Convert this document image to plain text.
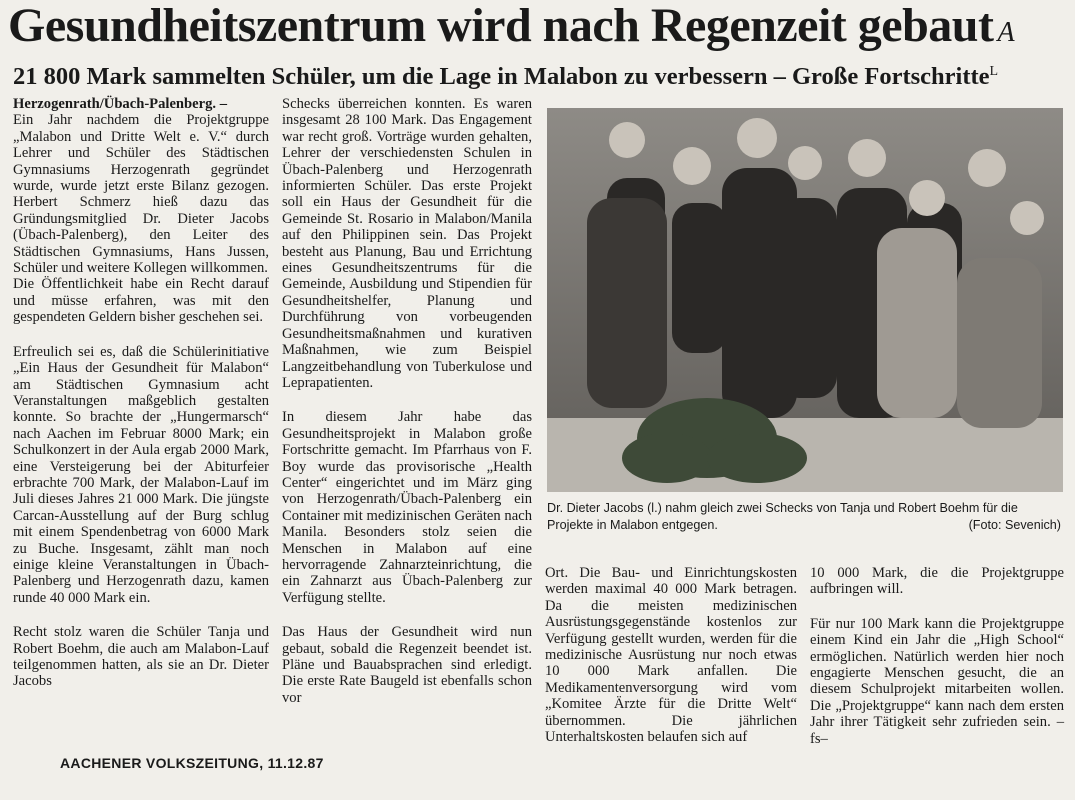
Gesundheitszentrum wird nach Regenzeit gebaut A
21 800 Mark sammelten Schüler, um die Lage in Malabon zu verbessern – Große Fortschritte$^L$
Herzogenrath/Übach-Palenberg. –

Ein Jahr nachdem die Projektgruppe „Malabon und Dritte Welt e. V.“ durch Lehrer und Schüler des Städtischen Gymnasiums Herzogenrath gegründet wurde, wurde jetzt erste Bilanz gezogen. Herbert Schmerz hieß dazu das Gründungsmitglied Dr. Dieter Jacobs (Übach-Palenberg), den Leiter des Städtischen Gymnasiums, Hans Jussen, Schüler und weitere Kollegen willkommen.

Die Öffentlichkeit habe ein Recht darauf und müsse erfahren, was mit den gespendeten Geldern bisher geschehen sei.

Erfreulich sei es, daß die Schülerinitiative „Ein Haus der Gesundheit für Malabon“ am Städtischen Gymnasium acht Veranstaltungen maßgeblich gestalten konnte. So brachte der „Hungermarsch“ nach Aachen im Februar 8000 Mark; ein Schulkonzert in der Aula ergab 2000 Mark, eine Versteigerung bei der Abiturfeier erbrachte 700 Mark, der Malabon-Lauf im Juli dieses Jahres 21 000 Mark. Die jüngste Carcan-Ausstellung auf der Burg schlug mit einem Spendenbetrag von 6000 Mark zu Buche. Insgesamt, zählt man noch einige kleine Veranstaltungen in Übach-Palenberg und Herzogenrath dazu, kamen runde 40 000 Mark ein.

Recht stolz waren die Schüler Tanja und Robert Boehm, die auch am Malabon-Lauf teilgenommen hatten, als sie an Dr. Dieter Jacobs

Schecks überreichen konnten. Es waren insgesamt 28 100 Mark. Das Engagement war recht groß. Vorträge wurden gehalten, Lehrer der verschiedensten Schulen in Übach-Palenberg und Herzogenrath informierten Schüler. Das erste Projekt soll ein Haus der Gesundheit für die Gemeinde St. Rosario in Malabon/Manila auf den Philippinen sein. Das Projekt besteht aus Planung, Bau und Errichtung eines Gesundheitszentrums für die Gemeinde, Ausbildung und Stipendien für Gesundheitshelfer, Planung und Durchführung von vorbeugenden Gesundheitsmaßnahmen und kurativen Maßnahmen, wie zum Beispiel Langzeitbehandlung von Tuberkulose und Leprapatienten.

In diesem Jahr habe das Gesundheitsprojekt in Malabon große Fortschritte gemacht. Im Pfarrhaus von F. Boy wurde das provisorische „Health Center“ eingerichtet und im März ging von Herzogenrath/Übach-Palenberg ein Container mit medizinischen Geräten nach Manila. Besonders stolz seien die Menschen in Malabon auf eine hervorragende Zahnarzteinrichtung, die ein Zahnarzt aus Übach-Palenberg zur Verfügung stellte.

Das Haus der Gesundheit wird nun gebaut, sobald die Regenzeit beendet ist. Pläne und Bauabsprachen sind erledigt. Die erste Rate Baugeld ist ebenfalls schon vor

Dr. Dieter Jacobs (l.) nahm gleich zwei Schecks von Tanja und Robert Boehm für die Projekte in Malabon entgegen.	(Foto: Sevenich)

Ort. Die Bau- und Einrichtungskosten werden maximal 40 000 Mark betragen. Da die meisten medizinischen Ausrüstungsgegenstände kostenlos zur Verfügung gestellt wurden, werden für die medizinische Ausrüstung nur noch etwas 10 000 Mark anfallen. Die Medikamentenversorgung wird vom „Komitee Ärzte für die Dritte Welt“ übernommen. Die jährlichen Unterhaltskosten belaufen sich auf

10 000 Mark, die die Projektgruppe aufbringen will.

Für nur 100 Mark kann die Projektgruppe einem Kind ein Jahr die „High School“ ermöglichen. Natürlich werden hier noch engagierte Menschen gesucht, die an diesem Schulprojekt mitarbeiten wollen. Die „Projektgruppe“ kann nach dem ersten Jahr ihrer Tätigkeit sehr zufrieden sein. –fs–

AACHENER VOLKSZEITUNG, 11.12.87
